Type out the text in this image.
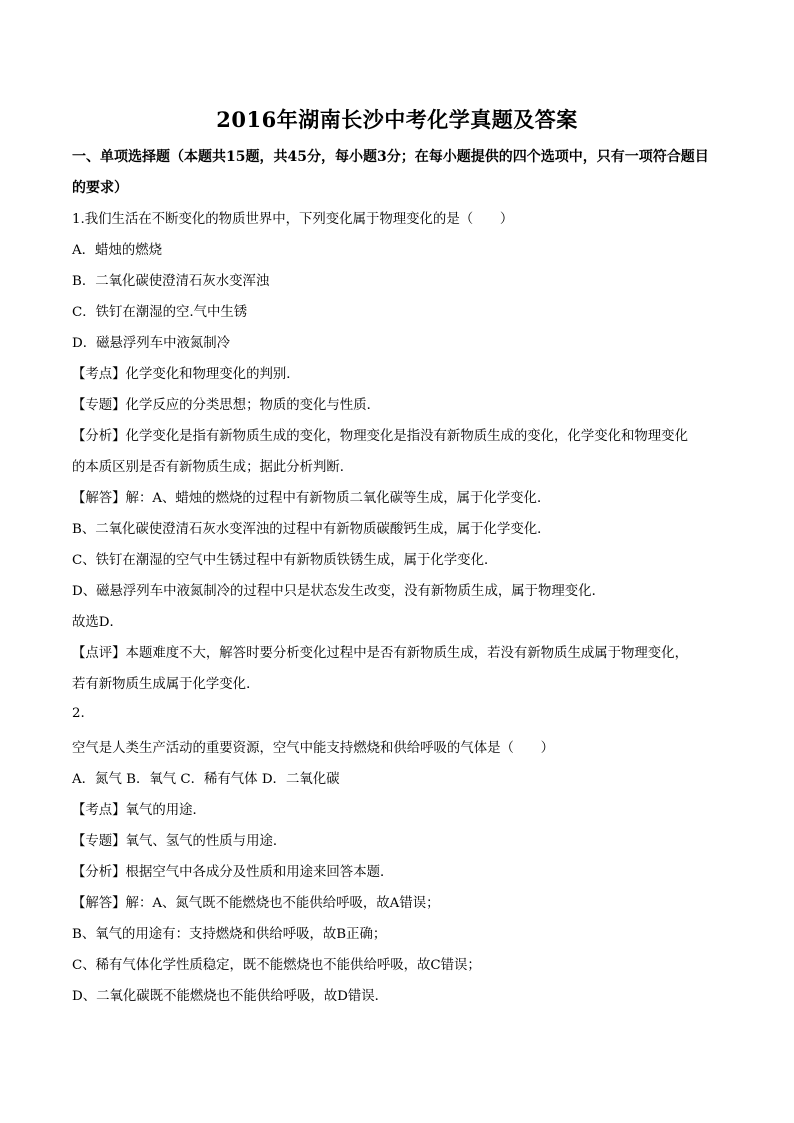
2016年湖南长沙中考化学真题及答案
一、单项选择题（本题共15题，共45分，每小题3分；在每小题提供的四个选项中，只有一项符合题目
的要求）
1.我们生活在不断变化的物质世界中，下列变化属于物理变化的是（　　）
A．蜡烛的燃烧
B．二氧化碳使澄清石灰水变浑浊
C．铁钉在潮湿的空.气中生锈
D．磁悬浮列车中液氮制冷
【考点】化学变化和物理变化的判别．
【专题】化学反应的分类思想；物质的变化与性质．
【分析】化学变化是指有新物质生成的变化，物理变化是指没有新物质生成的变化，化学变化和物理变化
的本质区别是否有新物质生成；据此分析判断．
【解答】解：A、蜡烛的燃烧的过程中有新物质二氧化碳等生成，属于化学变化．
B、二氧化碳使澄清石灰水变浑浊的过程中有新物质碳酸钙生成，属于化学变化．
C、铁钉在潮湿的空气中生锈过程中有新物质铁锈生成，属于化学变化．
D、磁悬浮列车中液氮制冷的过程中只是状态发生改变，没有新物质生成，属于物理变化．
故选D．
【点评】本题难度不大，解答时要分析变化过程中是否有新物质生成，若没有新物质生成属于物理变化，
若有新物质生成属于化学变化．
2.
空气是人类生产活动的重要资源，空气中能支持燃烧和供给呼吸的气体是（　　）
A．氮气 B．氧气 C．稀有气体 D．二氧化碳
【考点】氧气的用途．
【专题】氧气、氢气的性质与用途．
【分析】根据空气中各成分及性质和用途来回答本题．
【解答】解：A、氮气既不能燃烧也不能供给呼吸，故A错误；
B、氧气的用途有：支持燃烧和供给呼吸，故B正确；
C、稀有气体化学性质稳定，既不能燃烧也不能供给呼吸，故C错误；
D、二氧化碳既不能燃烧也不能供给呼吸，故D错误．
